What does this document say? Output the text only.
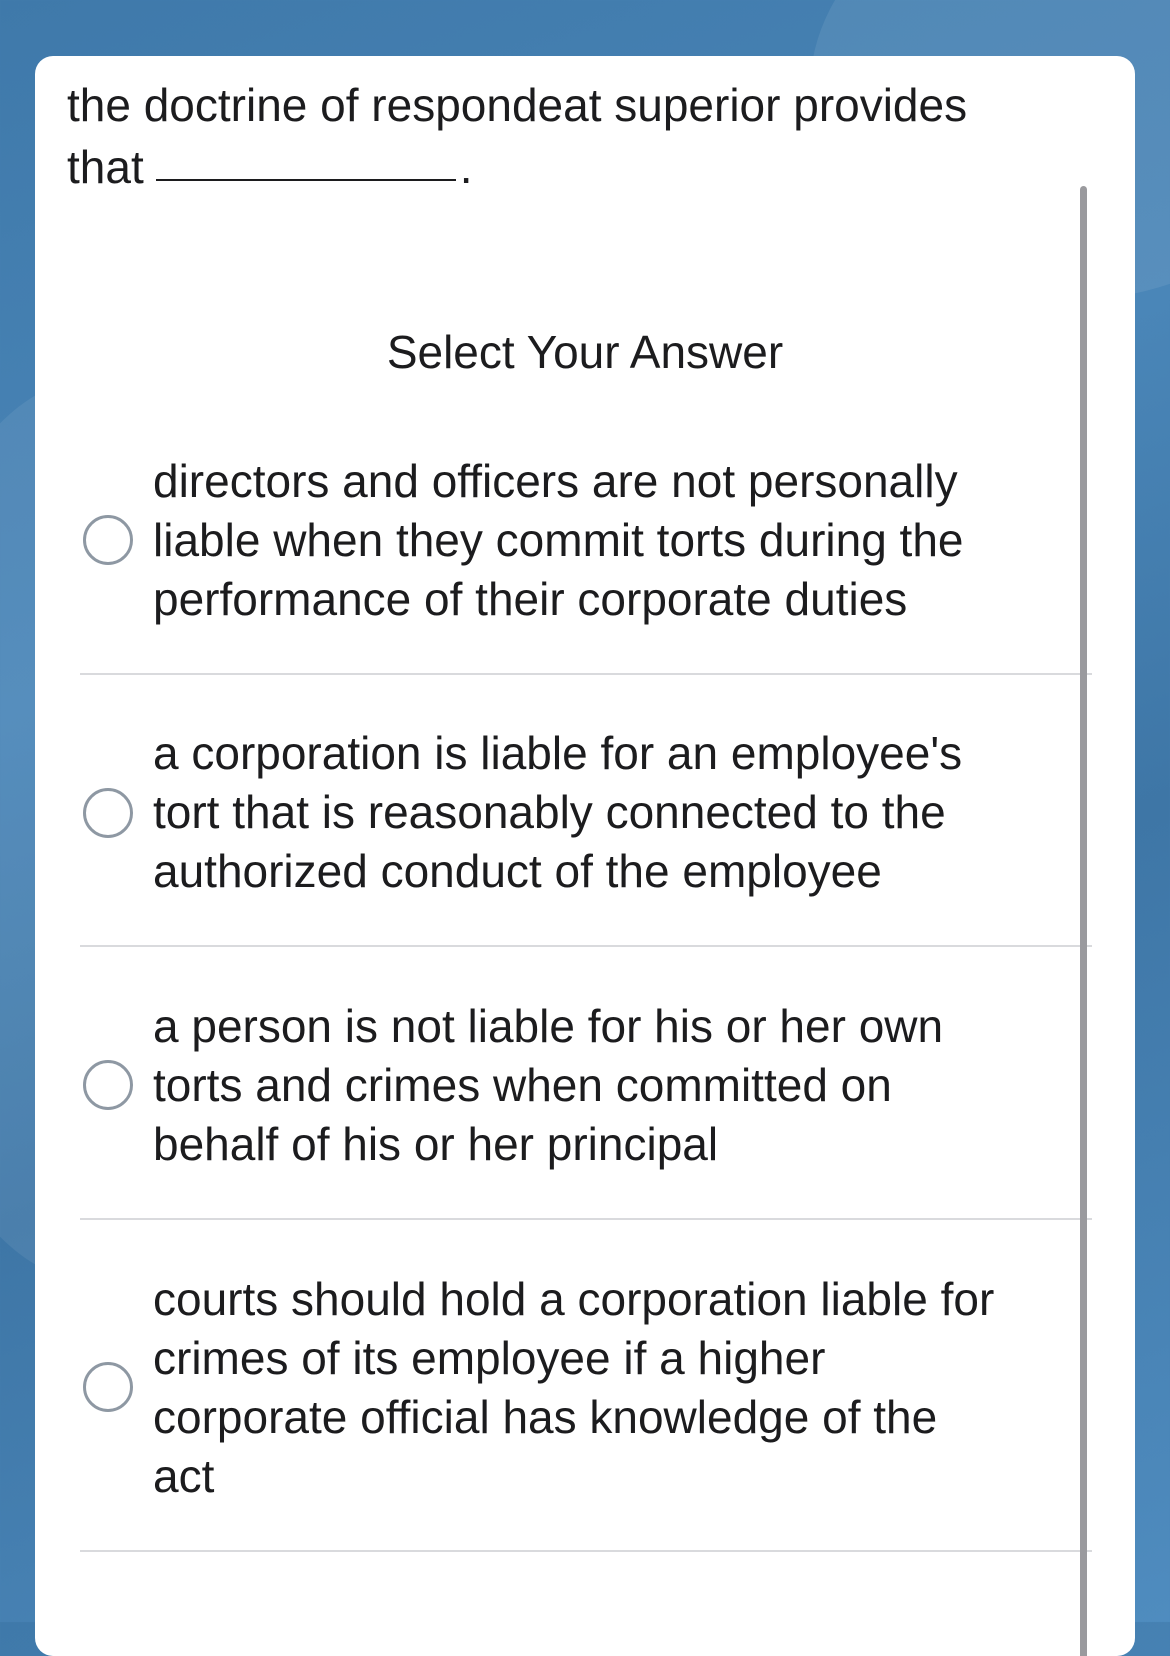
the doctrine of respondeat superior provides
that	.

Select Your Answer
directors and officers are not personally
liable when they commit torts during the
performance of their corporate duties
a corporation is liable for an employee's
tort that is reasonably connected to the
authorized conduct of the employee
a person is not liable for his or her own
torts and crimes when committed on
behalf of his or her principal
courts should hold a corporation liable for
crimes of its employee if a higher
corporate official has knowledge of the
act
